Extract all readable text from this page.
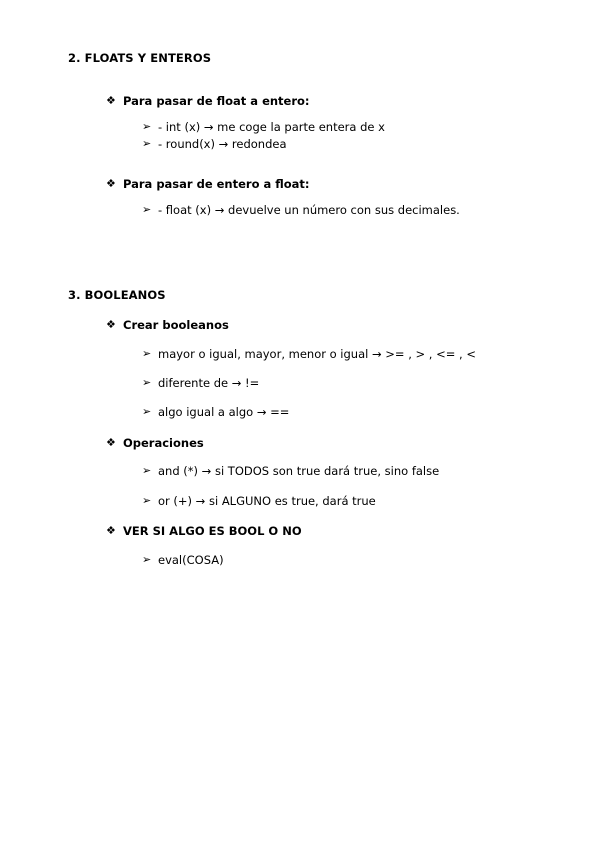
2. FLOATS Y ENTEROS
❖ Para pasar de float a entero:
➢ - int (x) → me coge la parte entera de x
➢ - round(x) → redondea
❖ Para pasar de entero a float:
➢ - float (x) → devuelve un número con sus decimales.
3. BOOLEANOS
❖ Crear booleanos
➢ mayor o igual, mayor, menor o igual → >= , > , <= , <
➢ diferente de → !=
➢ algo igual a algo → ==
❖ Operaciones
➢ and (*) → si TODOS son true dará true, sino false
➢ or (+) → si ALGUNO es true, dará true
❖ VER SI ALGO ES BOOL O NO
➢ eval(COSA)
